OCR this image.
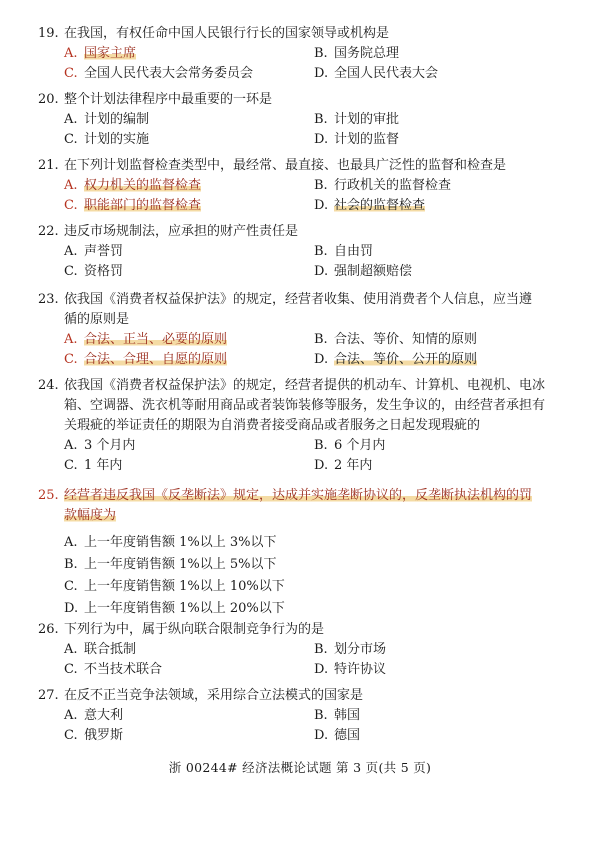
19. 在我国，有权任命中国人民银行行长的国家领导或机构是
A. 国家主席	B. 国务院总理
C. 全国人民代表大会常务委员会	D. 全国人民代表大会
20. 整个计划法律程序中最重要的一环是
A. 计划的编制	B. 计划的审批
C. 计划的实施	D. 计划的监督
21. 在下列计划监督检查类型中，最经常、最直接、也最具广泛性的监督和检查是
A. 权力机关的监督检查	B. 行政机关的监督检查
C. 职能部门的监督检查	D. 社会的监督检查
22. 违反市场规制法，应承担的财产性责任是
A. 声誉罚	B. 自由罚
C. 资格罚	D. 强制超额赔偿
23. 依我国《消费者权益保护法》的规定，经营者收集、使用消费者个人信息，应当遵
循的原则是
A. 合法、正当、必要的原则	B. 合法、等价、知情的原则
C. 合法、合理、自愿的原则	D. 合法、等价、公开的原则
24. 依我国《消费者权益保护法》的规定，经营者提供的机动车、计算机、电视机、电冰
箱、空调器、洗衣机等耐用商品或者装饰装修等服务，发生争议的，由经营者承担有
关瑕疵的举证责任的期限为自消费者接受商品或者服务之日起发现瑕疵的
A. 3 个月内	B. 6 个月内
C. 1 年内	D. 2 年内
25. 经营者违反我国《反垄断法》规定，达成并实施垄断协议的，反垄断执法机构的罚
款幅度为
A. 上一年度销售额 1%以上 3%以下
B. 上一年度销售额 1%以上 5%以下
C. 上一年度销售额 1%以上 10%以下
D. 上一年度销售额 1%以上 20%以下
26. 下列行为中，属于纵向联合限制竞争行为的是
A. 联合抵制	B. 划分市场
C. 不当技术联合	D. 特许协议
27. 在反不正当竞争法领域，采用综合立法模式的国家是
A. 意大利	B. 韩国
C. 俄罗斯	D. 德国
浙 00244# 经济法概论试题 第 3 页(共 5 页)
